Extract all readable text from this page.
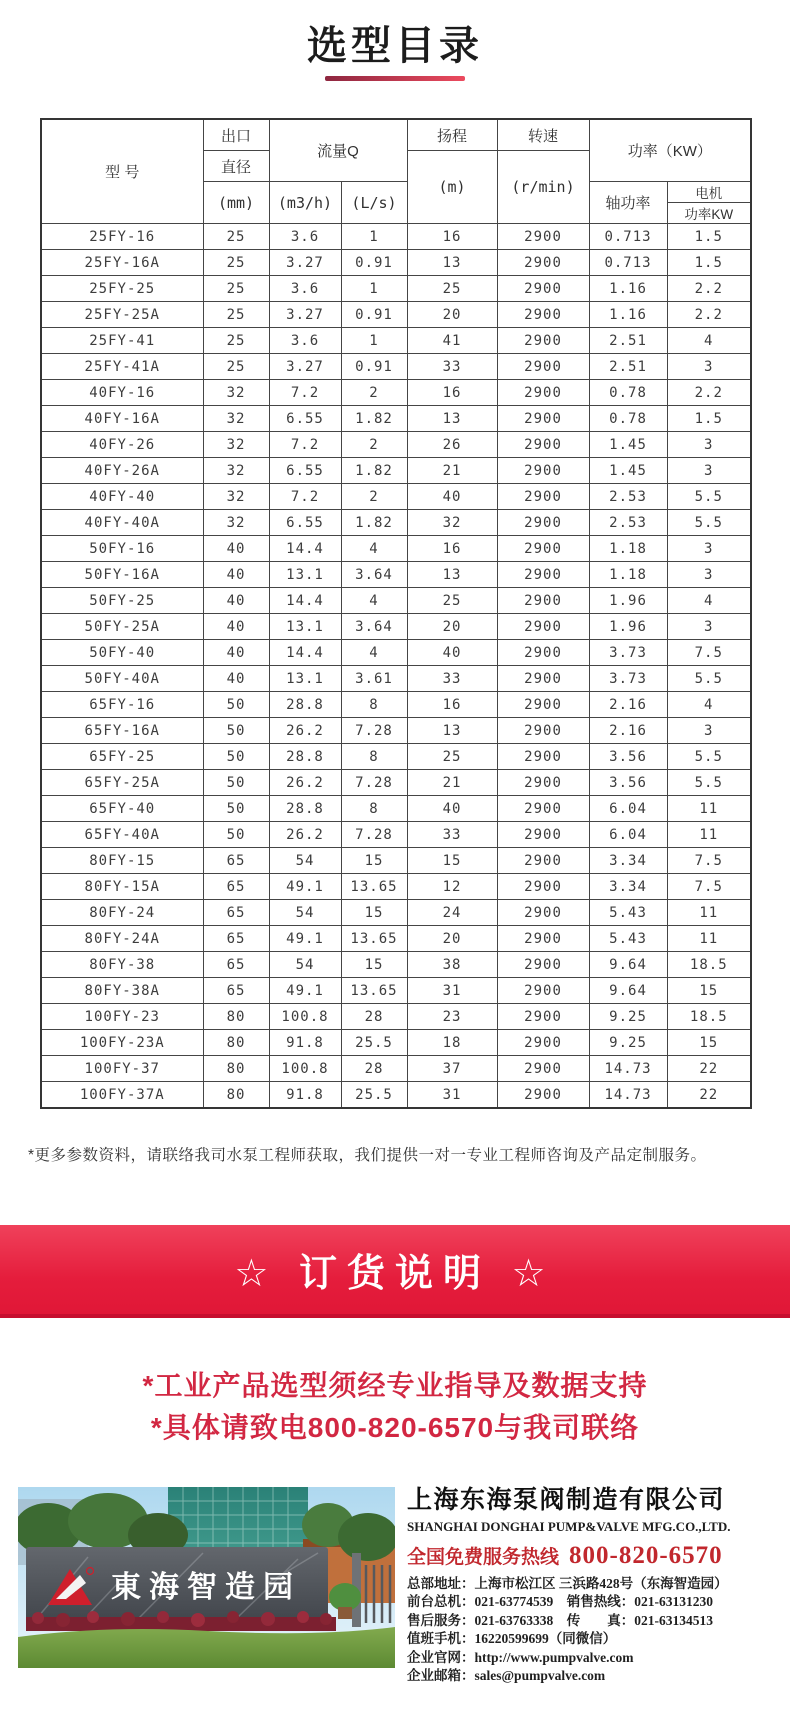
选型目录
型 号	出口	流量Q		扬程	转速	功率（KW）	
	直径			(m)	(r/min)		
	(mm)	(m3/h)	(L/s)			轴功率	电机
							功率KW
25FY-16	25	3.6	1	16	2900	0.713	1.5
25FY-16A	25	3.27	0.91	13	2900	0.713	1.5
25FY-25	25	3.6	1	25	2900	1.16	2.2
25FY-25A	25	3.27	0.91	20	2900	1.16	2.2
25FY-41	25	3.6	1	41	2900	2.51	4
25FY-41A	25	3.27	0.91	33	2900	2.51	3
40FY-16	32	7.2	2	16	2900	0.78	2.2
40FY-16A	32	6.55	1.82	13	2900	0.78	1.5
40FY-26	32	7.2	2	26	2900	1.45	3
40FY-26A	32	6.55	1.82	21	2900	1.45	3
40FY-40	32	7.2	2	40	2900	2.53	5.5
40FY-40A	32	6.55	1.82	32	2900	2.53	5.5
50FY-16	40	14.4	4	16	2900	1.18	3
50FY-16A	40	13.1	3.64	13	2900	1.18	3
50FY-25	40	14.4	4	25	2900	1.96	4
50FY-25A	40	13.1	3.64	20	2900	1.96	3
50FY-40	40	14.4	4	40	2900	3.73	7.5
50FY-40A	40	13.1	3.61	33	2900	3.73	5.5
65FY-16	50	28.8	8	16	2900	2.16	4
65FY-16A	50	26.2	7.28	13	2900	2.16	3
65FY-25	50	28.8	8	25	2900	3.56	5.5
65FY-25A	50	26.2	7.28	21	2900	3.56	5.5
65FY-40	50	28.8	8	40	2900	6.04	11
65FY-40A	50	26.2	7.28	33	2900	6.04	11
80FY-15	65	54	15	15	2900	3.34	7.5
80FY-15A	65	49.1	13.65	12	2900	3.34	7.5
80FY-24	65	54	15	24	2900	5.43	11
80FY-24A	65	49.1	13.65	20	2900	5.43	11
80FY-38	65	54	15	38	2900	9.64	18.5
80FY-38A	65	49.1	13.65	31	2900	9.64	15
100FY-23	80	100.8	28	23	2900	9.25	18.5
100FY-23A	80	91.8	25.5	18	2900	9.25	15
100FY-37	80	100.8	28	37	2900	14.73	22
100FY-37A	80	91.8	25.5	31	2900	14.73	22
*更多参数资料，请联络我司水泵工程师获取，我们提供一对一专业工程师咨询及产品定制服务。
☆ 订货说明 ☆
*工业产品选型须经专业指导及数据支持
*具体请致电800-820-6570与我司联络
東海智造园
上海东海泵阀制造有限公司
SHANGHAI DONGHAI PUMP&VALVE MFG.CO.,LTD.
全国免费服务热线 800-820-6570
总部地址：上海市松江区 三浜路428号（东海智造园）
前台总机：021-63774539　销售热线：021-63131230
售后服务：021-63763338　传　　真：021-63134513
值班手机：16220599699（同微信）
企业官网：http://www.pumpvalve.com
企业邮箱：sales@pumpvalve.com
